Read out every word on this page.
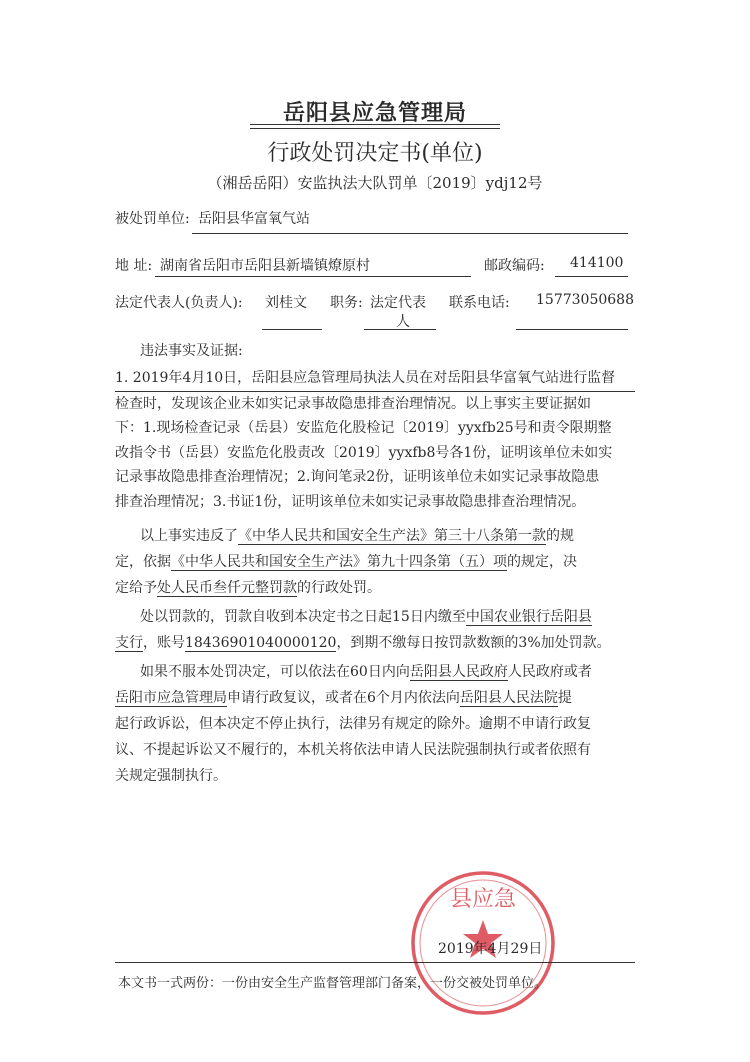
岳阳县应急管理局
行政处罚决定书(单位)
（湘岳岳阳）安监执法大队罚单〔2019〕ydj12号
被处罚单位: 岳阳县华富氧气站
地 址: 湖南省岳阳市岳阳县新墙镇燎原村	邮政编码: 414100
法定代表人(负责人): 刘桂文 职务: 法定代表
人
联系电话: 15773050688
违法事实及证据:
1. 2019年4月10日，岳阳县应急管理局执法人员在对岳阳县华富氧气站进行监督
检查时，发现该企业未如实记录事故隐患排查治理情况。以上事实主要证据如
下：1.现场检查记录（岳县）安监危化股检记〔2019〕yyxfb25号和责令限期整
改指令书（岳县）安监危化股责改〔2019〕yyxfb8号各1份，证明该单位未如实
记录事故隐患排查治理情况；2.询问笔录2份，证明该单位未如实记录事故隐患
排查治理情况；3.书证1份，证明该单位未如实记录事故隐患排查治理情况。
以上事实违反了《中华人民共和国安全生产法》第三十八条第一款的规
定，依据《中华人民共和国安全生产法》第九十四条第（五）项的规定，决
定给予处人民币叁仟元整罚款的行政处罚。
处以罚款的，罚款自收到本决定书之日起15日内缴至中国农业银行岳阳县
支行，账号18436901040000120，到期不缴每日按罚款数额的3%加处罚款。
如果不服本处罚决定，可以依法在60日内向岳阳县人民政府人民政府或者
岳阳市应急管理局申请行政复议，或者在6个月内依法向岳阳县人民法院提
起行政诉讼，但本决定不停止执行，法律另有规定的除外。逾期不申请行政复
议、不提起诉讼又不履行的，本机关将依法申请人民法院强制执行或者依照有
关规定强制执行。
县应急
2019年4月29日
本文书一式两份：一份由安全生产监督管理部门备案，一份交被处罚单位。
